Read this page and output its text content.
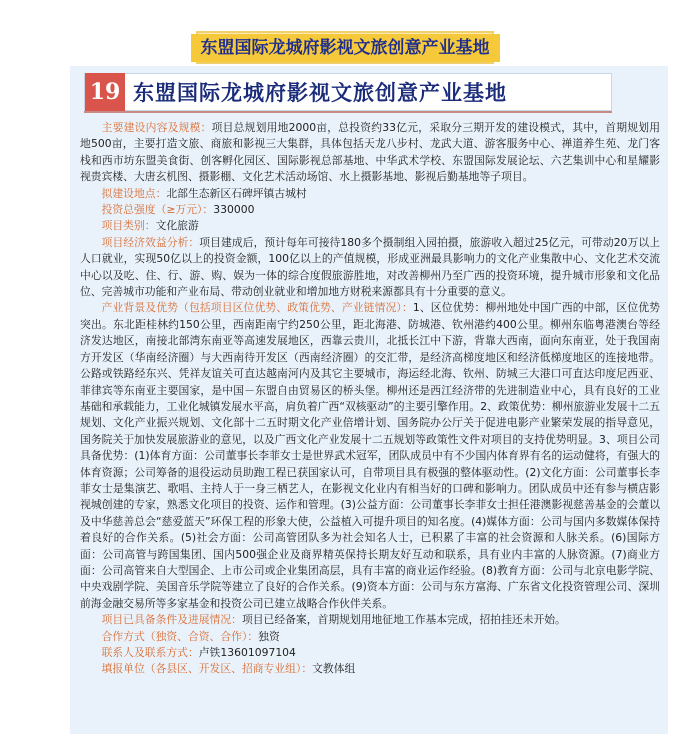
东盟国际龙城府影视文旅创意产业基地
19 东盟国际龙城府影视文旅创意产业基地

主要建设内容及规模：项目总规划用地2000亩，总投资约33亿元，采取分三期开发的建设模式，其中，首期规划用地500亩，主要打造文旅、商旅和影视三大集群，具体包括天龙八步村、龙武大道、游客服务中心、禅道养生苑、龙门客栈和西市坊东盟美食街、创客孵化园区、国际影视总部基地、中华武术学校、东盟国际发展论坛、六艺集训中心和星耀影视贵宾楼、大唐玄机图、摄影棚、文化艺术活动场馆、水上摄影基地、影视后勤基地等子项目。

拟建设地点：北部生态新区石碑坪镇古城村

投资总强度（≥万元）：330000

项目类别：文化旅游

项目经济效益分析：项目建成后，预计每年可接待180多个摄制组入园拍摄，旅游收入超过25亿元，可带动20万以上人口就业，实现50亿以上的投资金额，100亿以上的产值规模，形成亚洲最具影响力的文化产业集散中心、文化艺术交流中心以及吃、住、行、游、购、娱为一体的综合度假旅游胜地，对改善柳州乃至广西的投资环境，提升城市形象和文化品位、完善城市功能和产业布局、带动创业就业和增加地方财税来源都具有十分重要的意义。

产业背景及优势（包括项目区位优势、政策优势、产业链情况）：1、区位优势：柳州地处中国广西的中部，区位优势突出。东北距桂林约150公里，西南距南宁约250公里，距北海港、防城港、钦州港约400公里。柳州东临粤港澳台等经济发达地区，南接北部湾东南亚等高速发展地区，西靠云贵川，北抵长江中下游，背靠大西南，面向东南亚，处于我国南方开发区（华南经济圈）与大西南待开发区（西南经济圈）的交汇带，是经济高梯度地区和经济低梯度地区的连接地带。公路或铁路经东兴、凭祥友谊关可直达越南河内及其它主要城市，海运经北海、钦州、防城三大港口可直达印度尼西亚、菲律宾等东南亚主要国家，是中国－东盟自由贸易区的桥头堡。柳州还是西江经济带的先进制造业中心，具有良好的工业基础和承载能力，工业化城镇发展水平高，肩负着广西“双核驱动”的主要引擎作用。2、政策优势：柳州旅游业发展十二五规划、文化产业振兴规划、文化部十二五时期文化产业倍增计划、国务院办公厅关于促进电影产业繁荣发展的指导意见，国务院关于加快发展旅游业的意见，以及广西文化产业发展十二五规划等政策性文件对项目的支持优势明显。3、项目公司具备优势：(1)体育方面：公司董事长李菲女士是世界武术冠军，团队成员中有不少国内体育界有名的运动健将，有强大的体育资源；公司筹备的退役运动员助跑工程已获国家认可，自带项目具有极强的整体驱动性。(2)文化方面：公司董事长李菲女士是集演艺、歌唱、主持人于一身三栖艺人，在影视文化业内有相当好的口碑和影响力。团队成员中还有参与横店影视城创建的专家，熟悉文化项目的投资、运作和管理。(3)公益方面：公司董事长李菲女士担任港澳影视慈善基金的会董以及中华慈善总会“慈爱蓝天”环保工程的形象大使，公益植入可提升项目的知名度。(4)媒体方面：公司与国内多数媒体保持着良好的合作关系。(5)社会方面：公司高管团队多为社会知名人士，已积累了丰富的社会资源和人脉关系。(6)国际方面：公司高管与跨国集团、国内500强企业及商界精英保持长期友好互动和联系，具有业内丰富的人脉资源。(7)商业方面：公司高管来自大型国企、上市公司或企业集团高层，具有丰富的商业运作经验。(8)教育方面：公司与北京电影学院、中央戏剧学院、美国音乐学院等建立了良好的合作关系。(9)资本方面：公司与东方富海、广东省文化投资管理公司、深圳前海金融交易所等多家基金和投资公司已建立战略合作伙伴关系。

项目已具备条件及进展情况：项目已经备案，首期规划用地征地工作基本完成，招拍挂还未开始。

合作方式（独资、合资、合作）：独资

联系人及联系方式：卢铁13601097104

填报单位（各县区、开发区、招商专业组）：文教体组
